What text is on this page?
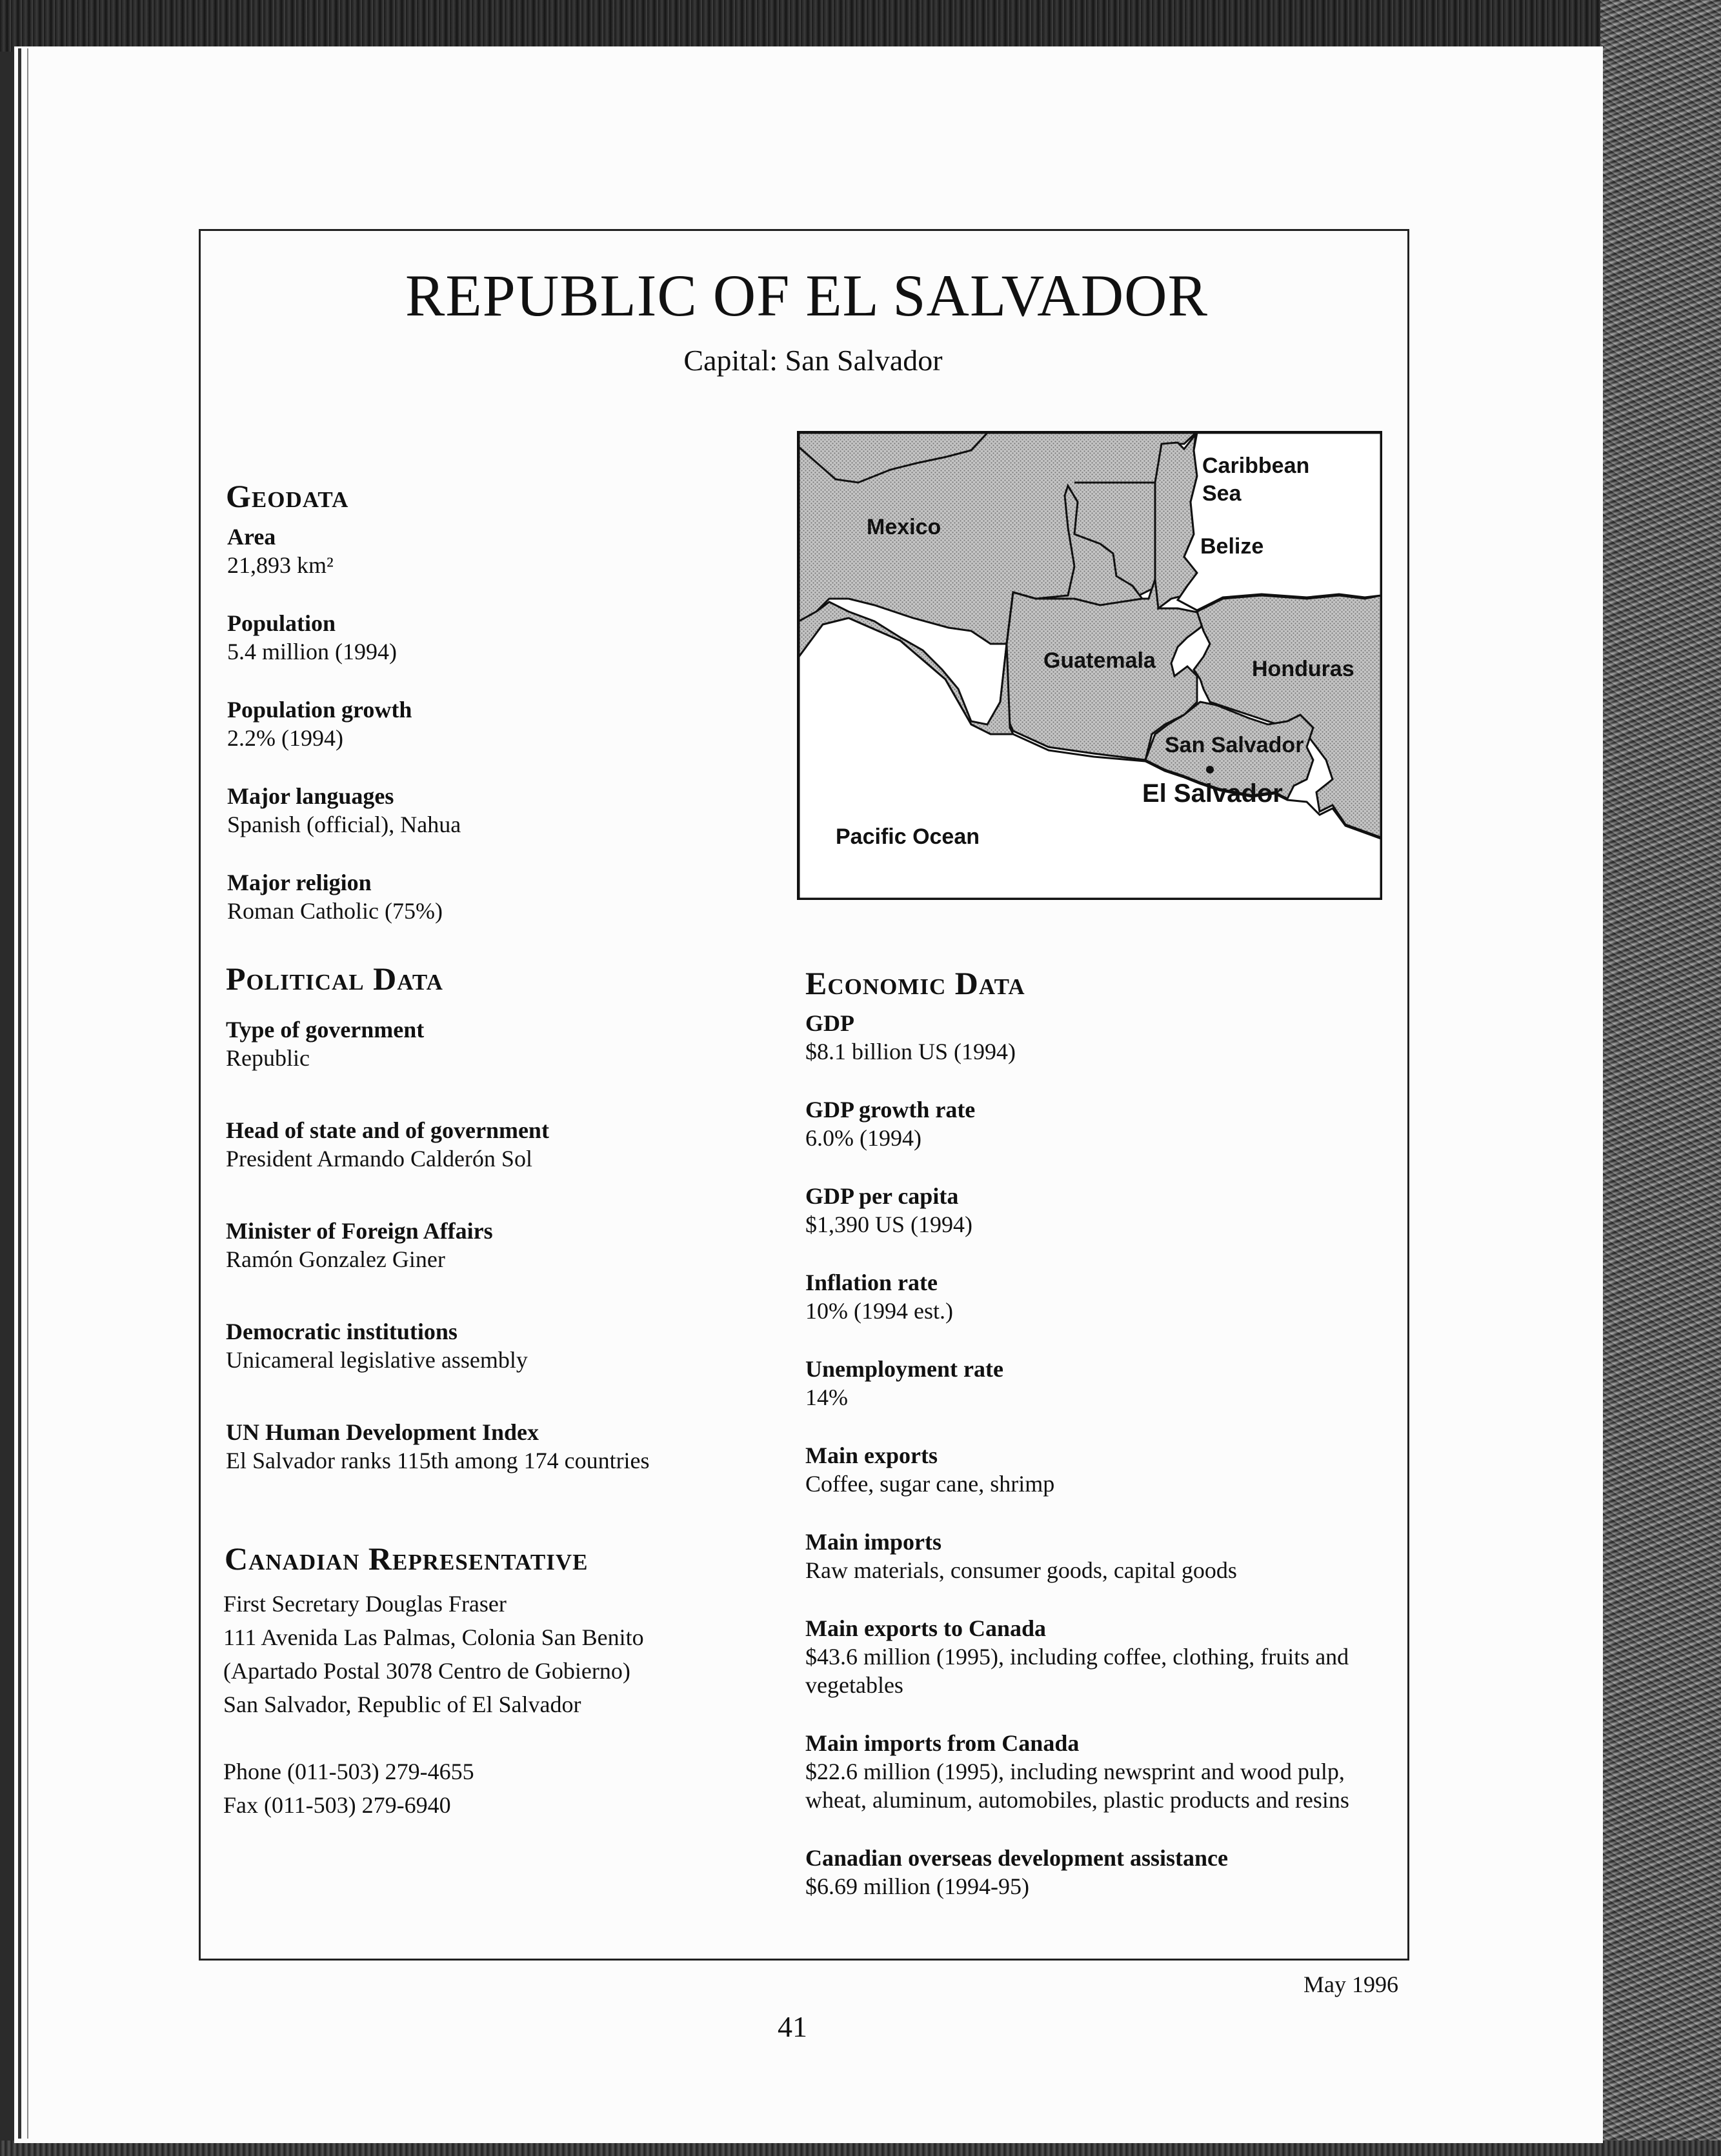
REPUBLIC OF EL SALVADOR
Capital: San Salvador
Geodata
Area
21,893 km²
Population
5.4 million (1994)
Population growth
2.2% (1994)
Major languages
Spanish (official), Nahua
Major religion
Roman Catholic (75%)
Political Data
Type of government
Republic
Head of state and of government
President Armando Calderón Sol
Minister of Foreign Affairs
Ramón Gonzalez Giner
Democratic institutions
Unicameral legislative assembly
UN Human Development Index
El Salvador ranks 115th among 174 countries
Canadian Representative
First Secretary Douglas Fraser
111 Avenida Las Palmas, Colonia San Benito
(Apartado Postal 3078 Centro de Gobierno)
San Salvador, Republic of El Salvador
Phone (011-503) 279-4655
Fax (011-503) 279-6940
Mexico
Caribbean
Sea
Belize
Guatemala	Honduras
San Salvador
El Salvador
Pacific Ocean
Economic Data
GDP
$8.1 billion US (1994)
GDP growth rate
6.0% (1994)
GDP per capita
$1,390 US (1994)
Inflation rate
10% (1994 est.)
Unemployment rate
14%
Main exports
Coffee, sugar cane, shrimp
Main imports
Raw materials, consumer goods, capital goods
Main exports to Canada
$43.6 million (1995), including coffee, clothing, fruits and
vegetables
Main imports from Canada
$22.6 million (1995), including newsprint and wood pulp,
wheat, aluminum, automobiles, plastic products and resins
Canadian overseas development assistance
$6.69 million (1994-95)
May 1996
41
